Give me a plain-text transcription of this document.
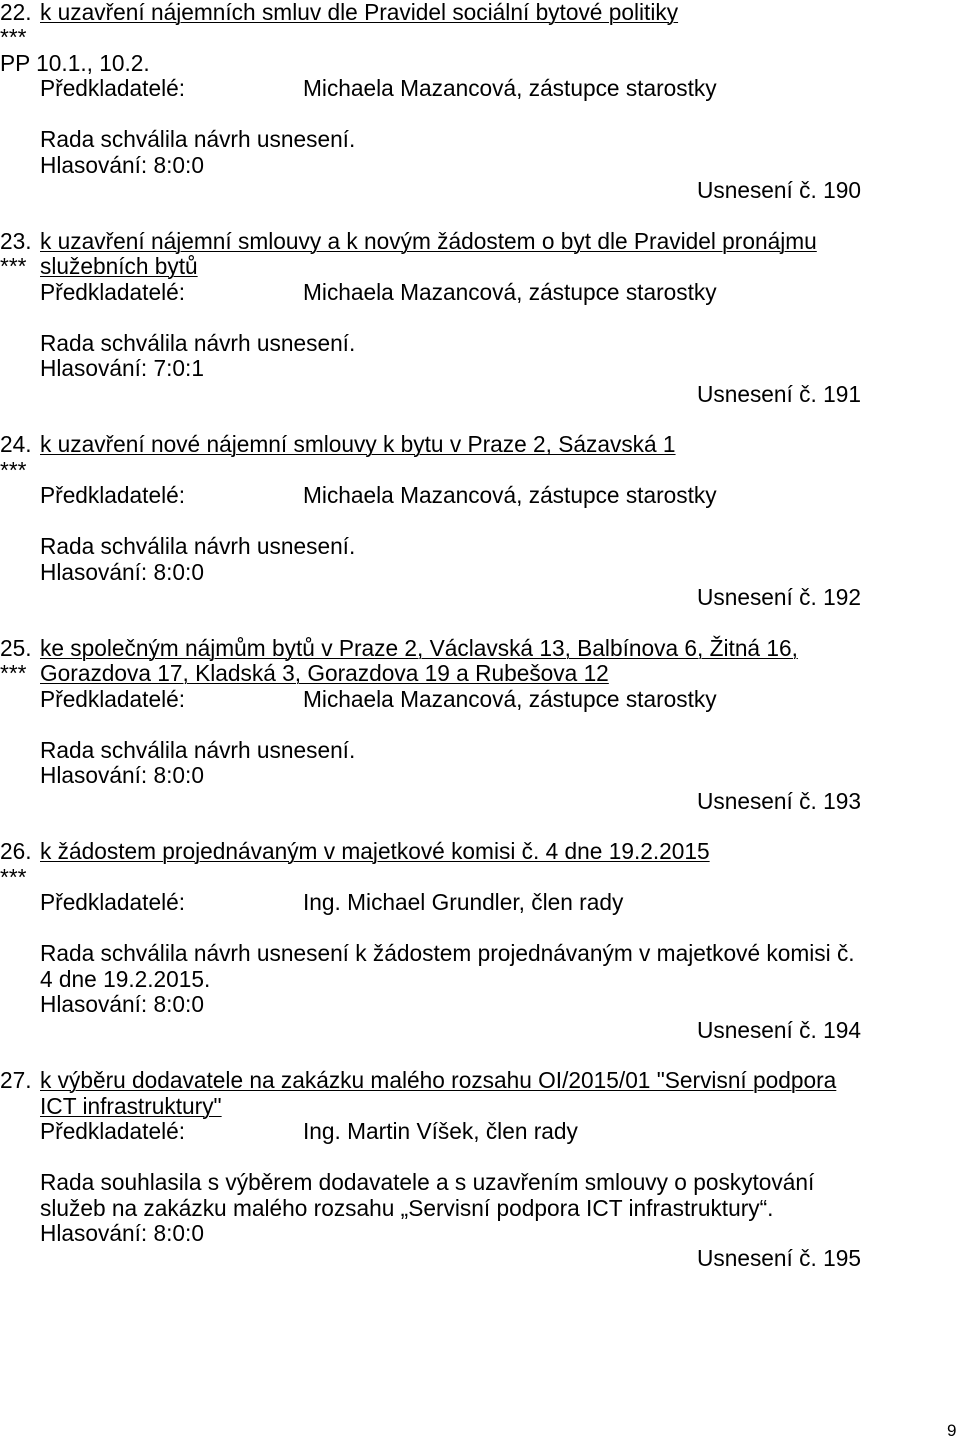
22. k uzavření nájemních smluv dle Pravidel sociální bytové politiky
***
PP 10.1., 10.2.
Předkladatelé:	Michaela Mazancová, zástupce starostky
Rada schválila návrh usnesení.
Hlasování: 8:0:0
Usnesení č. 190
23. k uzavření nájemní smlouvy a k novým žádostem o byt dle Pravidel pronájmu
*** služebních bytů
Předkladatelé:	Michaela Mazancová, zástupce starostky
Rada schválila návrh usnesení.
Hlasování: 7:0:1
Usnesení č. 191
24. k uzavření nové nájemní smlouvy k bytu v Praze 2, Sázavská 1
***
Předkladatelé:	Michaela Mazancová, zástupce starostky
Rada schválila návrh usnesení.
Hlasování: 8:0:0
Usnesení č. 192
25. ke společným nájmům bytů v Praze 2, Václavská 13, Balbínova 6, Žitná 16,
*** Gorazdova 17, Kladská 3, Gorazdova 19 a Rubešova 12
Předkladatelé:	Michaela Mazancová, zástupce starostky
Rada schválila návrh usnesení.
Hlasování: 8:0:0
Usnesení č. 193
26. k žádostem projednávaným v majetkové komisi č. 4 dne 19.2.2015
***
Předkladatelé:	Ing. Michael Grundler, člen rady
Rada schválila návrh usnesení k žádostem projednávaným v majetkové komisi č.
4 dne 19.2.2015.
Hlasování: 8:0:0
Usnesení č. 194
27. k výběru dodavatele na zakázku malého rozsahu OI/2015/01 "Servisní podpora
ICT infrastruktury"
Předkladatelé:	Ing. Martin Víšek, člen rady
Rada souhlasila s výběrem dodavatele a s uzavřením smlouvy o poskytování
služeb na zakázku malého rozsahu „Servisní podpora ICT infrastruktury“.
Hlasování: 8:0:0
Usnesení č. 195
9
